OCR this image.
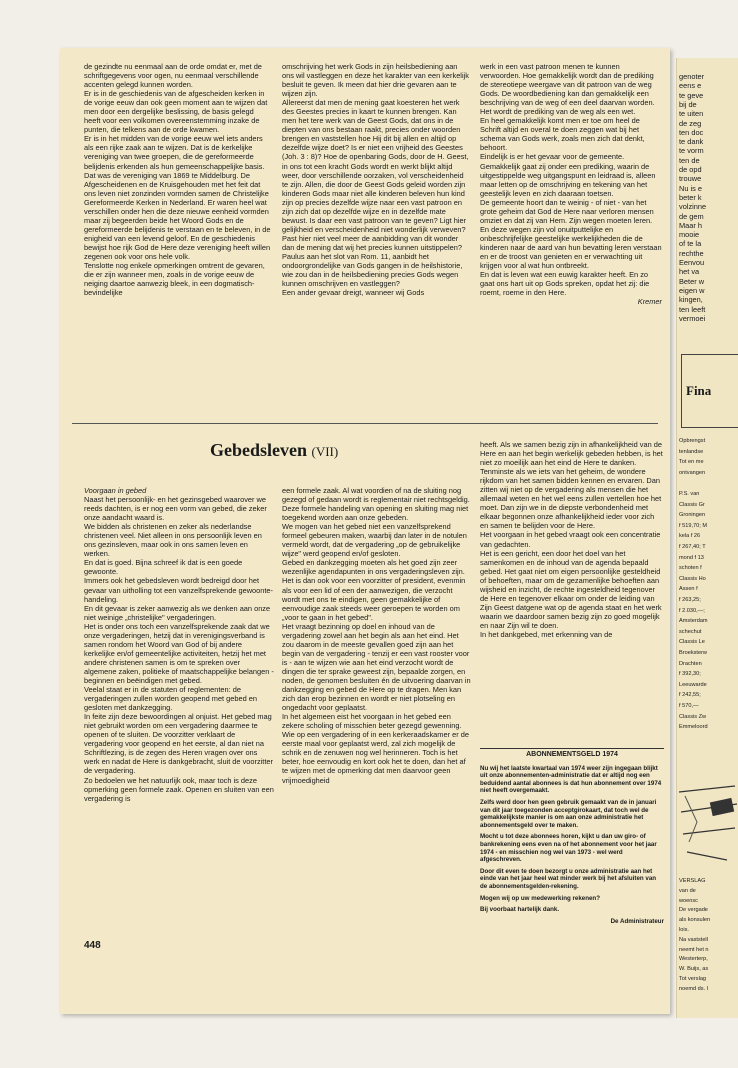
de gezindte nu eenmaal aan de orde omdat er, met de schriftgegevens voor ogen, nu eenmaal verschillende accenten gelegd kunnen worden.

Er is in de geschiedenis van de afgescheiden kerken in de vorige eeuw dan ook geen moment aan te wijzen dat men door een dergelijke beslissing, de basis gelegd heeft voor een volkomen overeenstemming inzake de punten, die telkens aan de orde kwamen.

Er is in het midden van de vorige eeuw wel iets anders als een rijke zaak aan te wijzen. Dat is de kerkelijke vereniging van twee groepen, die de gereformeerde belijdenis erkenden als hun gemeenschappelijke basis. Dat was de vereniging van 1869 te Middelburg. De Afgescheidenen en de Kruisgehouden met het feit dat ons leven niet zonzinden vormden samen de Christelijke Gereformeerde Kerken in Nederland. Er waren heel wat verschillen onder hen die deze nieuwe eenheid vormden maar zij begeerden beide het Woord Gods en de gereformeerde belijdenis te verstaan en te beleven, in de enigheid van een levend geloof. En de geschiedenis bewijst hoe rijk God de Here deze vereniging heeft willen zegenen ook voor ons hele volk.

Tenslotte nog enkele opmerkingen omtrent de gevaren, die er zijn wanneer men, zoals in de vorige eeuw de neiging daartoe aanwezig bleek, in een dogmatisch-bevindelijke

omschrijving het werk Gods in zijn heilsbediening aan ons wil vastleggen en deze het karakter van een kerkelijk besluit te geven. Ik meen dat hier drie gevaren aan te wijzen zijn.

Allereerst dat men de mening gaat koesteren het werk des Geestes precies in kaart te kunnen brengen. Kan men het tere werk van de Geest Gods, dat ons in de diepten van ons bestaan raakt, precies onder woorden brengen en vaststellen hoe Hij dit bij allen en altijd op dezelfde wijze doet? Is er niet een vrijheid des Geestes (Joh. 3 : 8)? Hoe de openbaring Gods, door de H. Geest, in ons tot een kracht Gods wordt en werkt blijkt altijd weer, door verschillende oorzaken, vol verscheidenheid te zijn. Allen, die door de Geest Gods geleid worden zijn kinderen Gods maar niet alle kinderen beleven hun kind zijn op precies dezelfde wijze naar een vast patroon en zijn zich dat op dezelfde wijze en in dezelfde mate bewust. Is daar een vast patroon van te geven? Ligt hier gelijkheid en verscheidenheid niet wonderlijk verweven? Past hier niet veel meer de aanbidding van dit wonder dan de mening dat wij het precies kunnen uitstippelen? Paulus aan het slot van Rom. 11, aanbidt het ondoorgrondelijke van Gods gangen in de heilshistorie, wie zou dan in de heilsbediening precies Gods wegen kunnen omschrijven en vastleggen?

Een ander gevaar dreigt, wanneer wij Gods

werk in een vast patroon menen te kunnen verwoorden. Hoe gemakkelijk wordt dan de prediking de stereotiepe weergave van dit patroon van de weg Gods. De woordbediening kan dan gemakkelijk een beschrijving van de weg of een deel daarvan worden. Het wordt de prediking van de weg als een wet.

En heel gemakkelijk komt men er toe om heel de Schrift altijd en overal te doen zeggen wat bij het schema van Gods werk, zoals men zich dat denkt, behoort.

Eindelijk is er het gevaar voor de gemeente. Gemakkelijk gaat zij onder een prediking, waarin de uitgestippelde weg uitgangspunt en leidraad is, alleen maar letten op de omschrijving en tekening van het geestelijk leven en zich daaraan toetsen.

De gemeente hoort dan te weinig - of niet - van het grote geheim dat God de Here naar verloren mensen omziet en dat zij van Hem. Zijn wegen moeten leren.

En deze wegen zijn vol onuitputtelijke en onbeschrijfelijke geestelijke werkelijkheden die de kinderen naar de aard van hun bevatting leren verstaan en er de troost van genieten en er verwachting uit krijgen voor al wat hun ontbreekt.

En dat is leven wat een euwig karakter heeft. En zo gaat ons hart uit op Gods spreken, opdat het zij: die roemt, roeme in den Here.

Kremer

Gebedsleven (VII)

Voorgaan in gebed

Naast het persoonlijk- en het gezinsgebed waarover we reeds dachten, is er nog een vorm van gebed, die zeker onze aandacht waard is.

We bidden als christenen en zeker als nederlandse christenen veel. Niet alleen in ons persoonlijk leven en ons gezinsleven, maar ook in ons samen leven en werken.

En dat is goed. Bijna schreef ik dat is een goede gewoonte.

Immers ook het gebedsleven wordt bedreigd door het gevaar van uitholling tot een vanzelfsprekende gewoonte-handeling.

En dit gevaar is zeker aanwezig als we denken aan onze niet weinige „christelijke" vergaderingen.

Het is onder ons toch een vanzelfsprekende zaak dat we onze vergaderingen, hetzij dat in verenigingsverband is samen rondom het Woord van God of bij andere kerkelijke en/of gemeentelijke activiteiten, hetzij het met andere christenen samen is om te spreken over algemene zaken, politieke of maatschappelijke belangen - beginnen en beëindigen met gebed.

Veelal staat er in de statuten of reglementen: de vergaderingen zullen worden geopend met gebed en gesloten met dankzegging.

In feite zijn deze bewoordingen al onjuist. Het gebed mag niet gebruikt worden om een vergadering daarmee te openen of te sluiten. De voorzitter verklaart de vergadering voor geopend en het eerste, al dan niet na Schriftlezing, is de zegen des Heren vragen over ons werk en nadat de Here is dankgebracht, sluit de voorzitter de vergadering.

Zo bedoelen we het natuurlijk ook, maar toch is deze opmerking geen formele zaak. Openen en sluiten van een vergadering is

een formele zaak. Al wat voordien of na de sluiting nog gezegd of gedaan wordt is reglementair niet rechtsgeldig. Deze formele handeling van opening en sluiting mag niet toegekend worden aan onze gebeden.

We mogen van het gebed niet een vanzelfsprekend formeel gebeuren maken, waarbij dan later in de notulen vermeld wordt, dat de vergadering „op de gebruikelijke wijze" werd geopend en/of gesloten.

Gebed en dankzegging moeten als het goed zijn zeer wezenlijke agendapunten in ons vergaderingsleven zijn.

Het is dan ook voor een voorzitter of president, evenmin als voor een lid of een der aanwezigen, die verzocht wordt met ons te eindigen, geen gemakkelijke of eenvoudige zaak steeds weer geroepen te worden om „voor te gaan in het gebed".

Het vraagt bezinning op doel en inhoud van de vergadering zowel aan het begin als aan het eind. Het zou daarom in de meeste gevallen goed zijn aan het begin van de vergadering - tenzij er een vast rooster voor is - aan te wijzen wie aan het eind verzocht wordt de dingen die ter sprake geweest zijn, bepaalde zorgen, en noden, de genomen besluiten én de uitvoering daarvan in dankzegging en gebed de Here op te dragen. Men kan zich dan erop bezinnen en wordt er niet plotseling en ongedacht voor geplaatst.

In het algemeen eist het voorgaan in het gebed een zekere scholing of misschien beter gezegd gewenning.

Wie op een vergadering of in een kerkeraadskamer er de eerste maal voor geplaatst werd, zal zich mogelijk de schrik en de zenuwen nog wel herinneren. Toch is het beter, hoe eenvoudig en kort ook het te doen, dan het af te wijzen met de opmerking dat men daarvoor geen vrijmoedigheid

heeft. Als we samen bezig zijn in afhankelijkheid van de Here en aan het begin werkelijk gebeden hebben, is het niet zo moeilijk aan het eind de Here te danken.

Tenminste als we iets van het geheim, de wondere rijkdom van het samen bidden kennen en ervaren. Dan zitten wij niet op de vergadering als mensen die het allemaal weten en het wel eens zullen vertellen hoe het moet. Dan zijn we in de diepste verbondenheid met elkaar begonnen onze afhankelijkheid ieder voor zich en samen te belijden voor de Here.

Het voorgaan in het gebed vraagt ook een concentratie van gedachten.

Het is een gericht, een door het doel van het samenkomen en de inhoud van de agenda bepaald gebed. Het gaat niet om eigen persoonlijke gesteldheid of behoeften, maar om de gezamenlijke behoeften aan wijsheid en inzicht, de rechte ingesteldheid tegenover de Here en tegenover elkaar om onder de leiding van Zijn Geest datgene wat op de agenda staat en het werk waarin we daardoor samen bezig zijn zo goed mogelijk en naar Zijn wil te doen.

In het dankgebed, met erkenning van de

ABONNEMENTSGELD 1974

Nu wij het laatste kwartaal van 1974 weer zijn ingegaan blijkt uit onze abonnementen-administratie dat er altijd nog een beduidend aantal abonnees is dat hun abonnement over 1974 niet heeft overgemaakt.

Zelfs werd door hen geen gebruik gemaakt van de in januari van dit jaar toegezonden acceptgirokaart, dat toch wel de gemakkelijkste manier is om aan onze administratie het abonnementsgeld over te maken.

Mocht u tot deze abonnees horen, kijkt u dan uw giro- of bankrekening eens even na of het abonnement voor het jaar 1974 - en misschien nog wel van 1973 - wel werd afgeschreven.

Door dit even te doen bezorgt u onze administratie aan het einde van het jaar heel wat minder werk bij het afsluiten van de abonnementsgelden-rekening.

Mogen wij op uw medewerking rekenen?

Bij voorbaat hartelijk dank.

De Administrateur

448
genoter
eens e
te geve
bij de
te uiten
de zeg
ten doc
te dank
te vorm
ten de
de opd
trouwe
Nu is e
beter k
volzinne
de gem
Maar h
mooie
of te la
rechthe
Eenvou
het va
Beter w
eigen w
kingen,
ten leeft
vermoei
Fina
Opbrengst
tenlandse
Tot en me
ontvangen
P.S. van
Classis Gr
Groningen
f 519,70; M
kela f 26
f 267,40; T
mond f 13
schoten f
Classis Ho
Assen f
f 263,25;
f 2.030,—;
Amsterdam
schechut
Classis Le
Broeksterw
Drachten
f 392,30;
Leeuwarde
f 242,55;
f 570,—
Classis Zw
Emmeloord
VERSLAG
van de
woensc
De vergade
als konsulen
lois.
Na vaststell
neemt het n
Westerterp,
W. Buijs, as
Tot verslag
noemd ds. I
